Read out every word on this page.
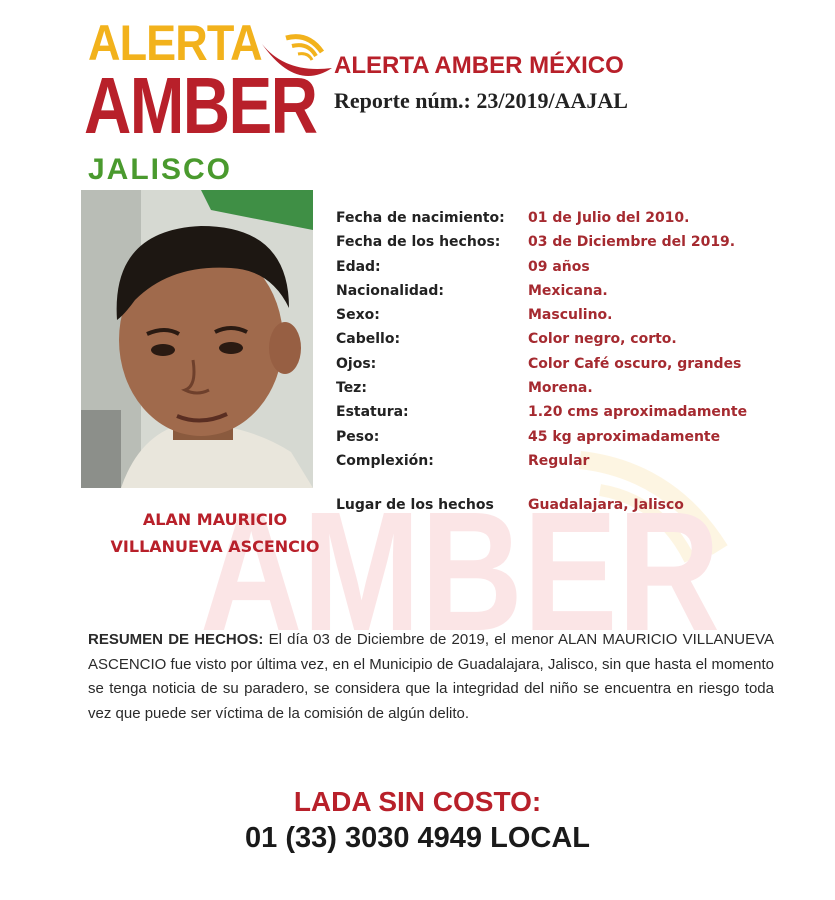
AMBER
ALERTA
AMBER
JALISCO
ALERTA AMBER MÉXICO
Reporte núm.: 23/2019/AAJAL
ALAN MAURICIO
VILLANUEVA ASCENCIO
Fecha de nacimiento: 01 de Julio del 2010.
Fecha de los hechos: 03 de Diciembre del 2019.
Edad:	09 años
Nacionalidad:	Mexicana.
Sexo:	Masculino.
Cabello:	Color negro, corto.
Ojos:	Color Café oscuro, grandes
Tez:	Morena.
Estatura:	1.20 cms aproximadamente
Peso:	45 kg aproximadamente
Complexión:	Regular
Lugar de los hechos Guadalajara, Jalisco
RESUMEN DE HECHOS: El día 03 de Diciembre de 2019, el menor ALAN MAURICIO VILLANUEVA ASCENCIO fue visto por última vez, en el Municipio de Guadalajara, Jalisco, sin que hasta el momento se tenga noticia de su paradero, se considera que la integridad del niño se encuentra en riesgo toda vez que puede ser víctima de la comisión de algún delito.
LADA SIN COSTO:
01 (33) 3030 4949 LOCAL
